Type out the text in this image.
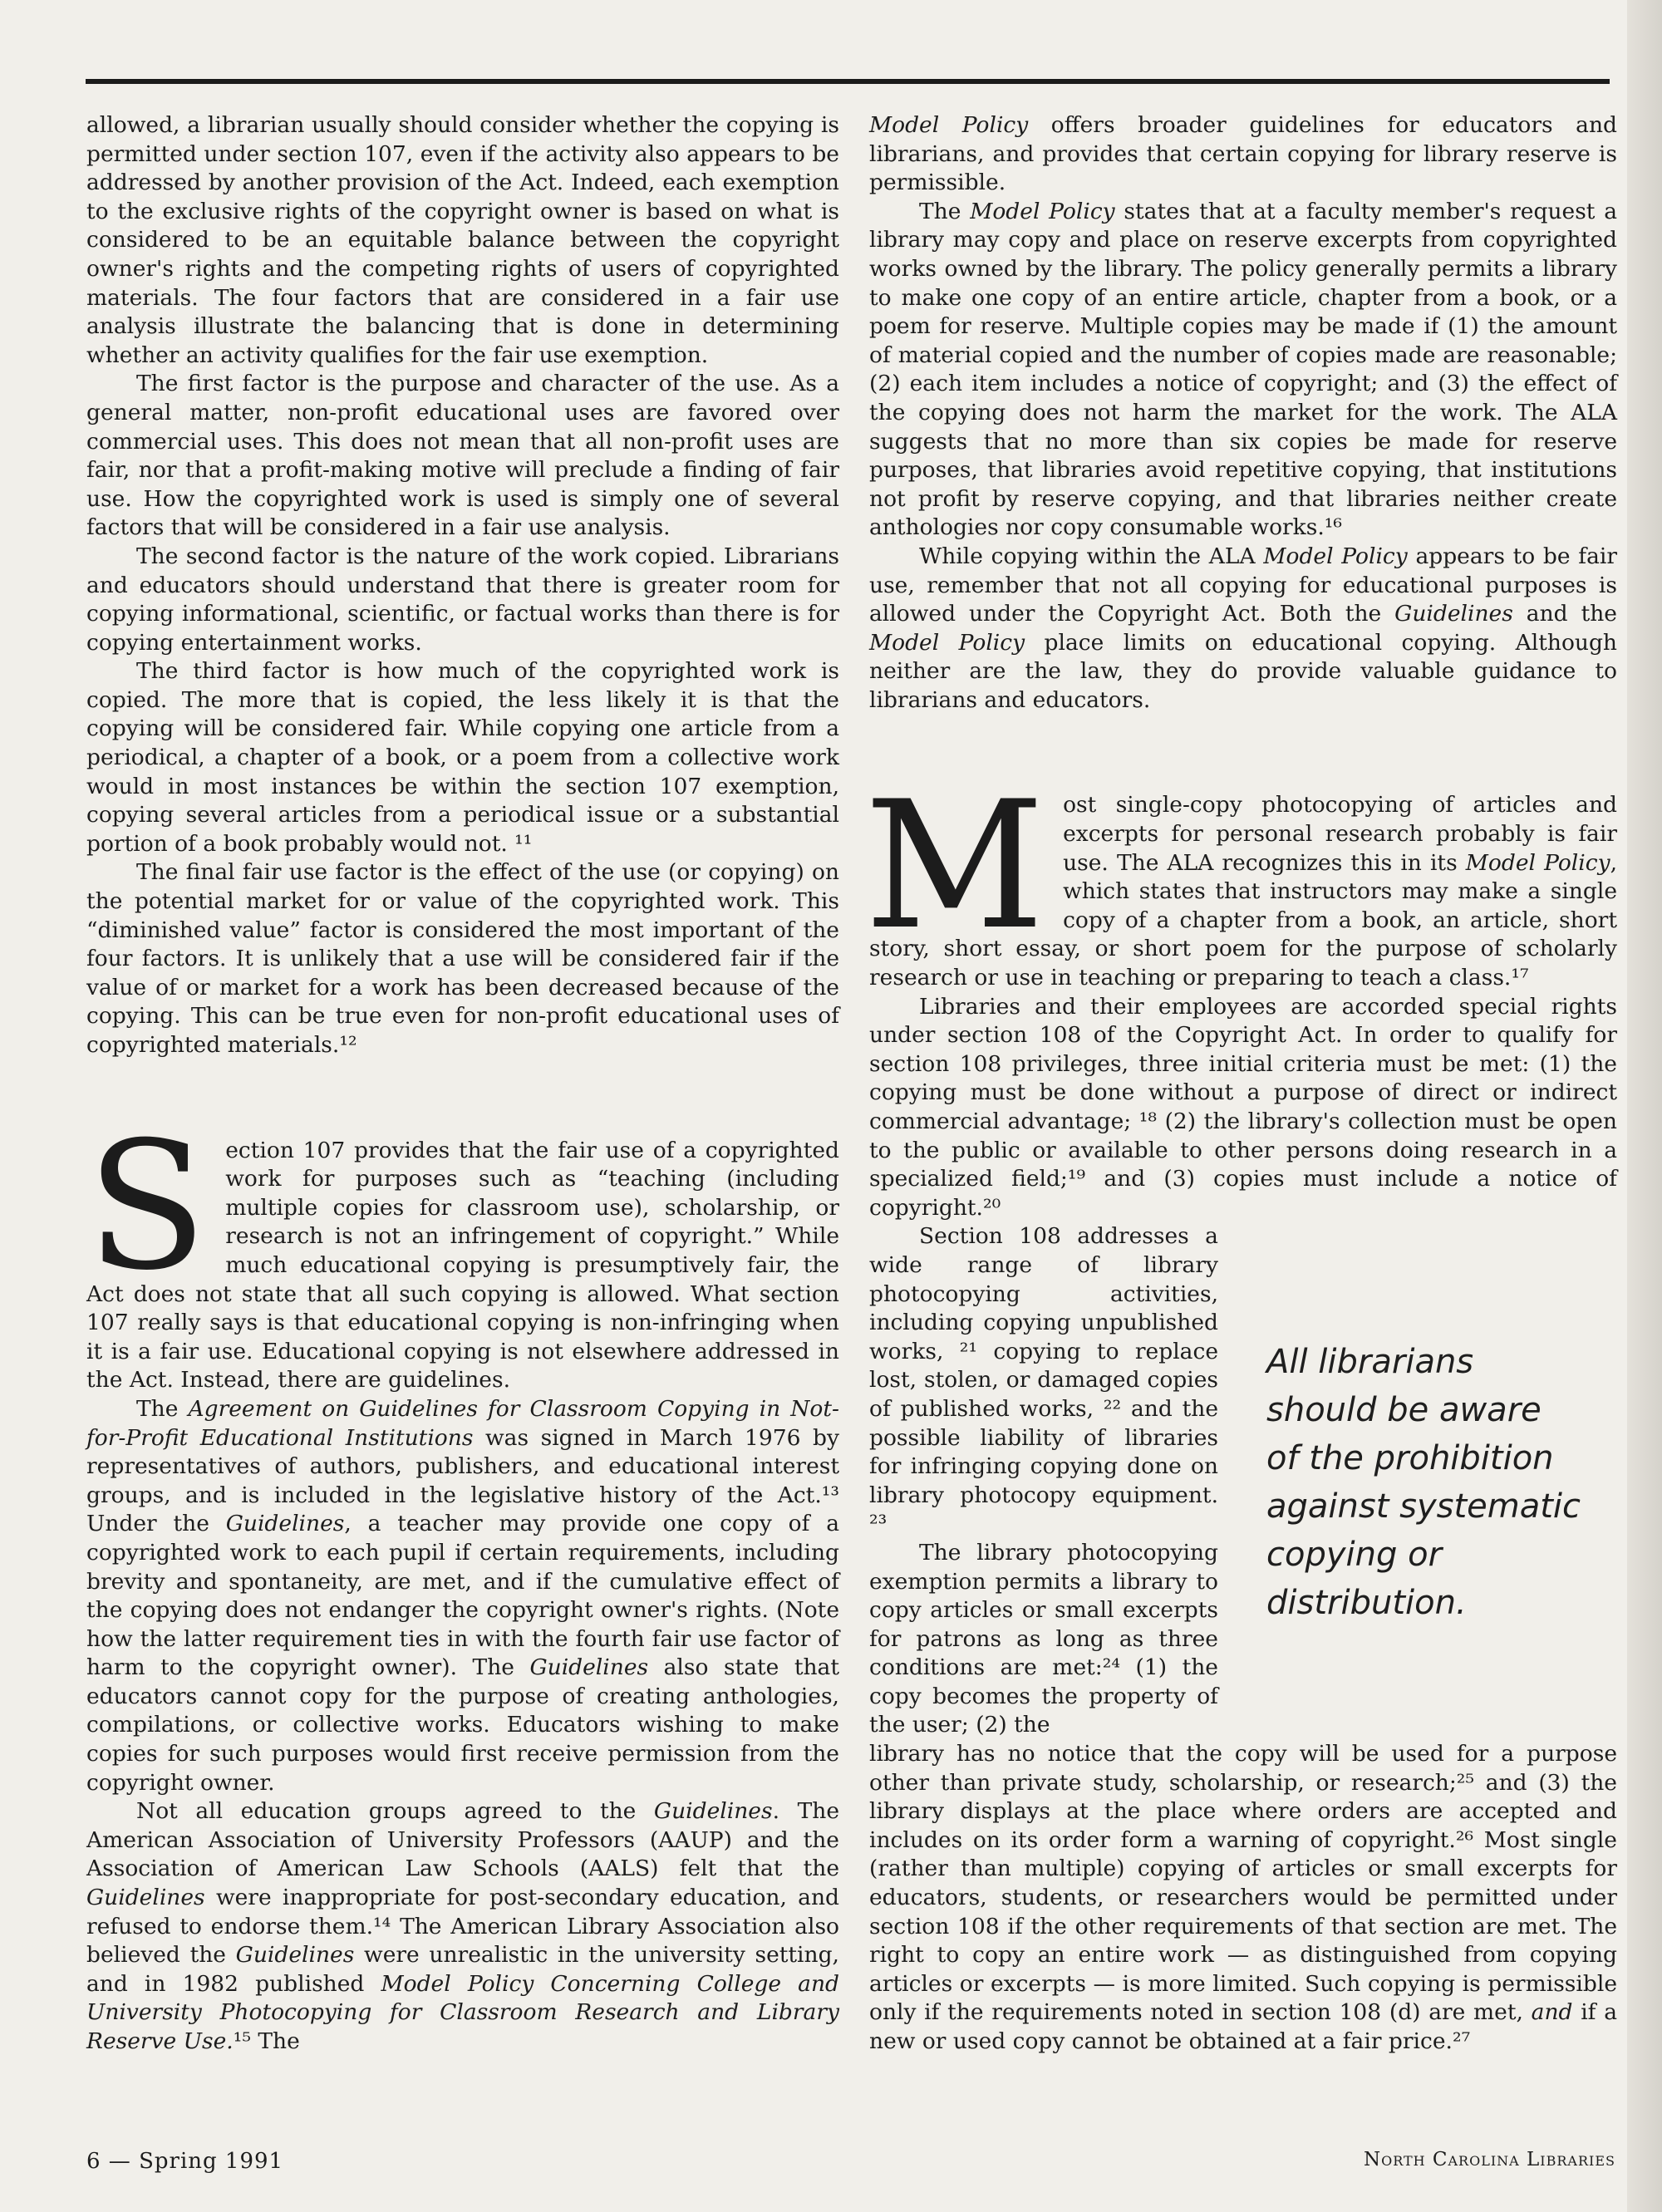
allowed, a librarian usually should consider whether the copying is permitted under section 107, even if the activity also appears to be addressed by another provision of the Act. Indeed, each exemption to the exclusive rights of the copyright owner is based on what is considered to be an equitable balance between the copyright owner's rights and the competing rights of users of copyrighted materials. The four factors that are considered in a fair use analysis illustrate the balancing that is done in determining whether an activity qualifies for the fair use exemption.

The first factor is the purpose and character of the use. As a general matter, non-profit educational uses are favored over commercial uses. This does not mean that all non-profit uses are fair, nor that a profit-making motive will preclude a finding of fair use. How the copyrighted work is used is simply one of several factors that will be considered in a fair use analysis.

The second factor is the nature of the work copied. Librarians and educators should understand that there is greater room for copying informational, scientific, or factual works than there is for copying entertainment works.

The third factor is how much of the copyrighted work is copied. The more that is copied, the less likely it is that the copying will be considered fair. While copying one article from a periodical, a chapter of a book, or a poem from a collective work would in most instances be within the section 107 exemption, copying several articles from a periodical issue or a substantial portion of a book probably would not. ¹¹

The final fair use factor is the effect of the use (or copying) on the potential market for or value of the copyrighted work. This “diminished value” factor is considered the most important of the four factors. It is unlikely that a use will be considered fair if the value of or market for a work has been decreased because of the copying. This can be true even for non-profit educational uses of copyrighted materials.¹²

Section 107 provides that the fair use of a copyrighted work for purposes such as “teaching (including multiple copies for classroom use), scholarship, or research is not an infringement of copyright.” While much educational copying is presumptively fair, the Act does not state that all such copying is allowed. What section 107 really says is that educational copying is non-infringing when it is a fair use. Educational copying is not elsewhere addressed in the Act. Instead, there are guidelines.

The Agreement on Guidelines for Classroom Copying in Not-for-Profit Educational Institutions was signed in March 1976 by representatives of authors, publishers, and educational interest groups, and is included in the legislative history of the Act.¹³ Under the Guidelines, a teacher may provide one copy of a copyrighted work to each pupil if certain requirements, including brevity and spontaneity, are met, and if the cumulative effect of the copying does not endanger the copyright owner's rights. (Note how the latter requirement ties in with the fourth fair use factor of harm to the copyright owner). The Guidelines also state that educators cannot copy for the purpose of creating anthologies, compilations, or collective works. Educators wishing to make copies for such purposes would first receive permission from the copyright owner.

Not all education groups agreed to the Guidelines. The American Association of University Professors (AAUP) and the Association of American Law Schools (AALS) felt that the Guidelines were inappropriate for post-secondary education, and refused to endorse them.¹⁴ The American Library Association also believed the Guidelines were unrealistic in the university setting, and in 1982 published Model Policy Concerning College and University Photocopying for Classroom Research and Library Reserve Use.¹⁵ The

Model Policy offers broader guidelines for educators and librarians, and provides that certain copying for library reserve is permissible.

The Model Policy states that at a faculty member's request a library may copy and place on reserve excerpts from copyrighted works owned by the library. The policy generally permits a library to make one copy of an entire article, chapter from a book, or a poem for reserve. Multiple copies may be made if (1) the amount of material copied and the number of copies made are reasonable; (2) each item includes a notice of copyright; and (3) the effect of the copying does not harm the market for the work. The ALA suggests that no more than six copies be made for reserve purposes, that libraries avoid repetitive copying, that institutions not profit by reserve copying, and that libraries neither create anthologies nor copy consumable works.¹⁶

While copying within the ALA Model Policy appears to be fair use, remember that not all copying for educational purposes is allowed under the Copyright Act. Both the Guidelines and the Model Policy place limits on educational copying. Although neither are the law, they do provide valuable guidance to librarians and educators.

Most single-copy photocopying of articles and excerpts for personal research probably is fair use. The ALA recognizes this in its Model Policy, which states that instructors may make a single copy of a chapter from a book, an article, short story, short essay, or short poem for the purpose of scholarly research or use in teaching or preparing to teach a class.¹⁷

Libraries and their employees are accorded special rights under section 108 of the Copyright Act. In order to qualify for section 108 privileges, three initial criteria must be met: (1) the copying must be done without a purpose of direct or indirect commercial advantage; ¹⁸ (2) the library's collection must be open to the public or available to other persons doing research in a specialized field;¹⁹ and (3) copies must include a notice of copyright.²⁰

Section 108 addresses a wide range of library photocopying activities, including copying unpublished works, ²¹ copying to replace lost, stolen, or damaged copies of published works, ²² and the possible liability of libraries for infringing copying done on library photocopy equipment. ²³

The library photocopying exemption permits a library to copy articles or small excerpts for patrons as long as three conditions are met:²⁴ (1) the copy becomes the property of the user; (2) the

library has no notice that the copy will be used for a purpose other than private study, scholarship, or research;²⁵ and (3) the library displays at the place where orders are accepted and includes on its order form a warning of copyright.²⁶ Most single (rather than multiple) copying of articles or small excerpts for educators, students, or researchers would be permitted under section 108 if the other requirements of that section are met. The right to copy an entire work — as distinguished from copying articles or excerpts — is more limited. Such copying is permissible only if the requirements noted in section 108 (d) are met, and if a new or used copy cannot be obtained at a fair price.²⁷

All librarians

should be aware

of the prohibition

against systematic

copying or

distribution.

6 — Spring 1991	North Carolina Libraries
